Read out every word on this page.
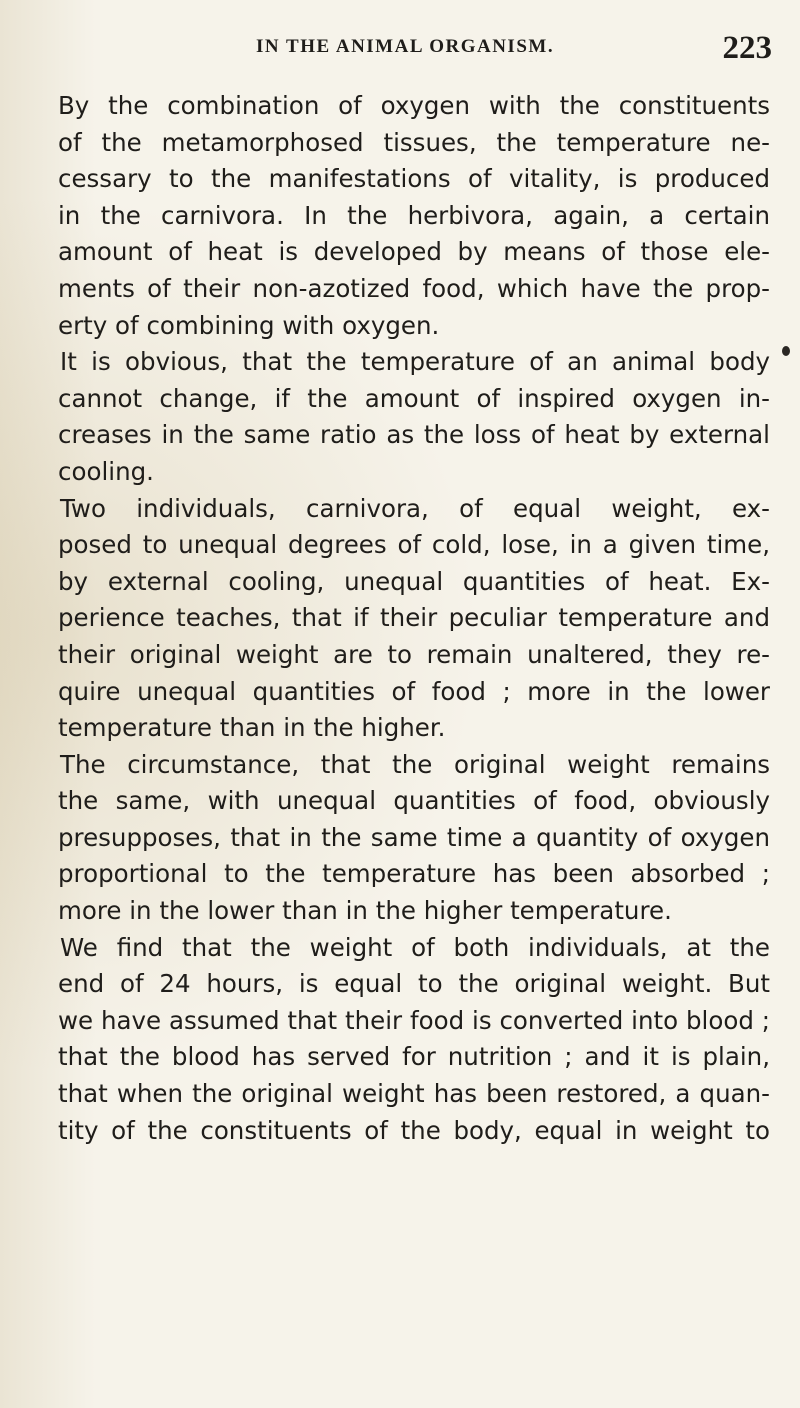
IN THE ANIMAL ORGANISM.	223
By the combination of oxygen with the constituents
of the metamorphosed tissues, the temperature ne-
cessary to the manifestations of vitality, is produced
in the carnivora. In the herbivora, again, a certain
amount of heat is developed by means of those ele-
ments of their non-azotized food, which have the prop-
erty of combining with oxygen.
It is obvious, that the temperature of an animal body
cannot change, if the amount of inspired oxygen in-
creases in the same ratio as the loss of heat by external
cooling.
Two individuals, carnivora, of equal weight, ex-
posed to unequal degrees of cold, lose, in a given time,
by external cooling, unequal quantities of heat. Ex-
perience teaches, that if their peculiar temperature and
their original weight are to remain unaltered, they re-
quire unequal quantities of food ; more in the lower
temperature than in the higher.
The circumstance, that the original weight remains
the same, with unequal quantities of food, obviously
presupposes, that in the same time a quantity of oxygen
proportional to the temperature has been absorbed ;
more in the lower than in the higher temperature.
We find that the weight of both individuals, at the
end of 24 hours, is equal to the original weight. But
we have assumed that their food is converted into blood ;
that the blood has served for nutrition ; and it is plain,
that when the original weight has been restored, a quan-
tity of the constituents of the body, equal in weight to
